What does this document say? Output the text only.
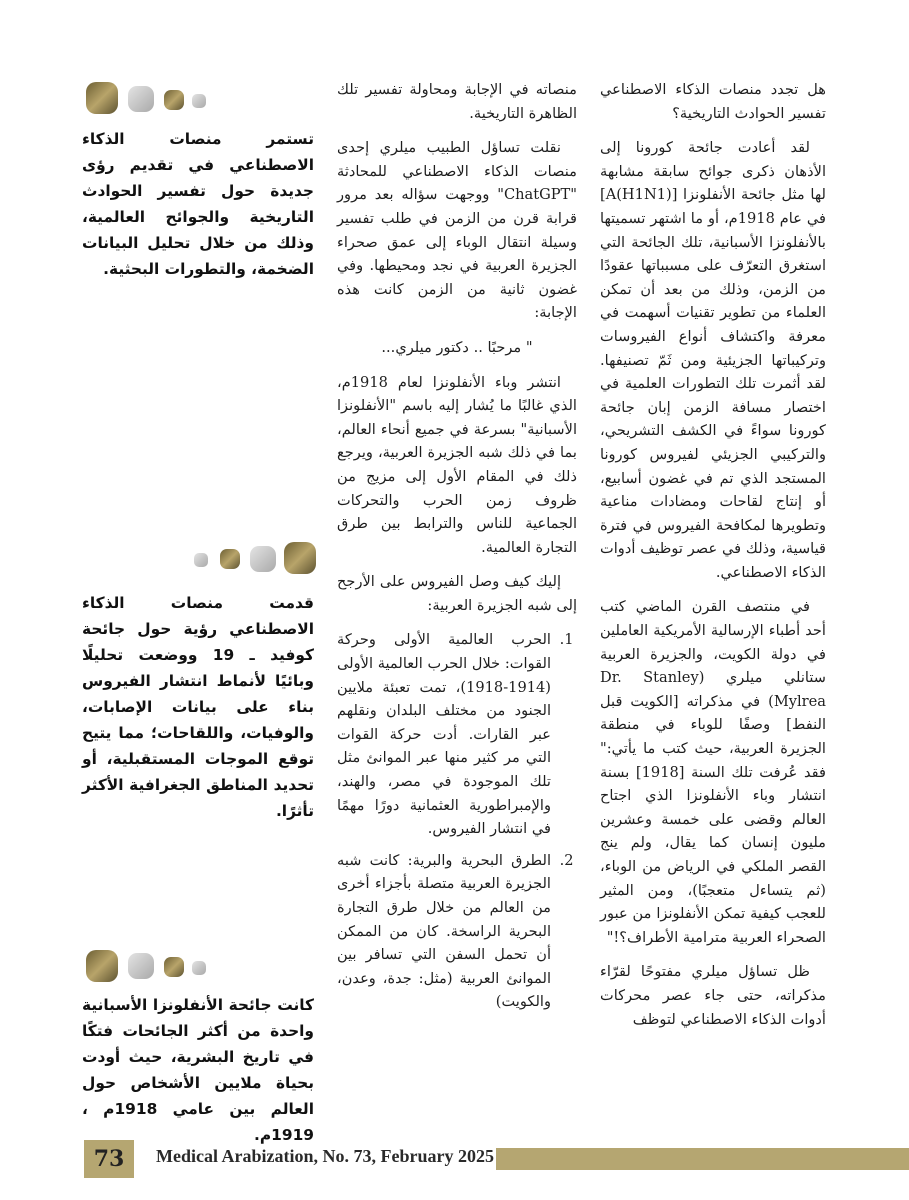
هل تجدد منصات الذكاء الاصطناعي تفسير الحوادث التاريخية؟

لقد أعادت جائحة كورونا إلى الأذهان ذكرى جوائح سابقة مشابهة لها مثل جائحة الأنفلونزا [A(H1N1)] في عام 1918م، أو ما اشتهر تسميتها بالأنفلونزا الأسبانية، تلك الجائحة التي استغرق التعرّف على مسبباتها عقودًا من الزمن، وذلك من بعد أن تمكن العلماء من تطوير تقنيات أسهمت في معرفة واكتشاف أنواع الفيروسات وتركيباتها الجزيئية ومن ثَمّ تصنيفها. لقد أثمرت تلك التطورات العلمية في اختصار مسافة الزمن إبان جائحة كورونا سواءً في الكشف التشريحي، والتركيبي الجزيئي لفيروس كورونا المستجد الذي تم في غضون أسابيع، أو إنتاج لقاحات ومضادات مناعية وتطويرها لمكافحة الفيروس في فترة قياسية، وذلك في عصر توظيف أدوات الذكاء الاصطناعي.

في منتصف القرن الماضي كتب أحد أطباء الإرسالية الأمريكية العاملين في دولة الكويت، والجزيرة العربية ستانلي ميلري (Dr. Stanley Mylrea) في مذكراته [الكويت قبل النفط] وصفًا للوباء في منطقة الجزيرة العربية، حيث كتب ما يأتي:" فقد عُرفت تلك السنة [1918] بسنة انتشار وباء الأنفلونزا الذي اجتاح العالم وقضى على خمسة وعشرين مليون إنسان كما يقال، ولم ينج القصر الملكي في الرياض من الوباء، (ثم يتساءل متعجبًا)، ومن المثير للعجب كيفية تمكن الأنفلونزا من عبور الصحراء العربية مترامية الأطراف؟!"

ظل تساؤل ميلري مفتوحًا لقرّاء مذكراته، حتى جاء عصر محركات أدوات الذكاء الاصطناعي لتوظف

منصاته في الإجابة ومحاولة تفسير تلك الظاهرة التاريخية.

نقلت تساؤل الطبيب ميلري إحدى منصات الذكاء الاصطناعي للمحادثة "ChatGPT" ووجهت سؤاله بعد مرور قرابة قرن من الزمن في طلب تفسير وسيلة انتقال الوباء إلى عمق صحراء الجزيرة العربية في نجد ومحيطها. وفي غضون ثانية من الزمن كانت هذه الإجابة:

" مرحبًا .. دكتور ميلري...

انتشر وباء الأنفلونزا لعام 1918م، الذي غالبًا ما يُشار إليه باسم "الأنفلونزا الأسبانية" بسرعة في جميع أنحاء العالم، بما في ذلك شبه الجزيرة العربية، ويرجع ذلك في المقام الأول إلى مزيج من ظروف زمن الحرب والتحركات الجماعية للناس والترابط بين طرق التجارة العالمية.

إليك كيف وصل الفيروس على الأرجح إلى شبه الجزيرة العربية:

1. الحرب العالمية الأولى وحركة القوات: خلال الحرب العالمية الأولى (1914-1918)، تمت تعبئة ملايين الجنود من مختلف البلدان ونقلهم عبر القارات. أدت حركة القوات التي مر كثير منها عبر الموانئ مثل تلك الموجودة في مصر، والهند، والإمبراطورية العثمانية دورًا مهمًا في انتشار الفيروس.
2. الطرق البحرية والبرية: كانت شبه الجزيرة العربية متصلة بأجزاء أخرى من العالم من خلال طرق التجارة البحرية الراسخة. كان من الممكن أن تحمل السفن التي تسافر بين الموانئ العربية (مثل: جدة، وعدن، والكويت)
تستمر منصات الذكاء الاصطناعي في تقديم رؤى جديدة حول تفسير الحوادث التاريخية والجوائح العالمية، وذلك من خلال تحليل البيانات الضخمة، والتطورات البحثية.
قدمت منصات الذكاء الاصطناعي رؤية حول جائحة كوفيد ـ 19 ووضعت تحليلًا وبائيًا لأنماط انتشار الفيروس بناء على بيانات الإصابات، والوفيات، واللقاحات؛ مما يتيح توقع الموجات المستقبلية، أو تحديد المناطق الجغرافية الأكثر تأثرًا.
كانت جائحة الأنفلونزا الأسبانية واحدة من أكثر الجائحات فتكًا في تاريخ البشرية، حيث أودت بحياة ملايين الأشخاص حول العالم بين عامي 1918م ، 1919م.
73	Medical Arabization, No. 73, February 2025
